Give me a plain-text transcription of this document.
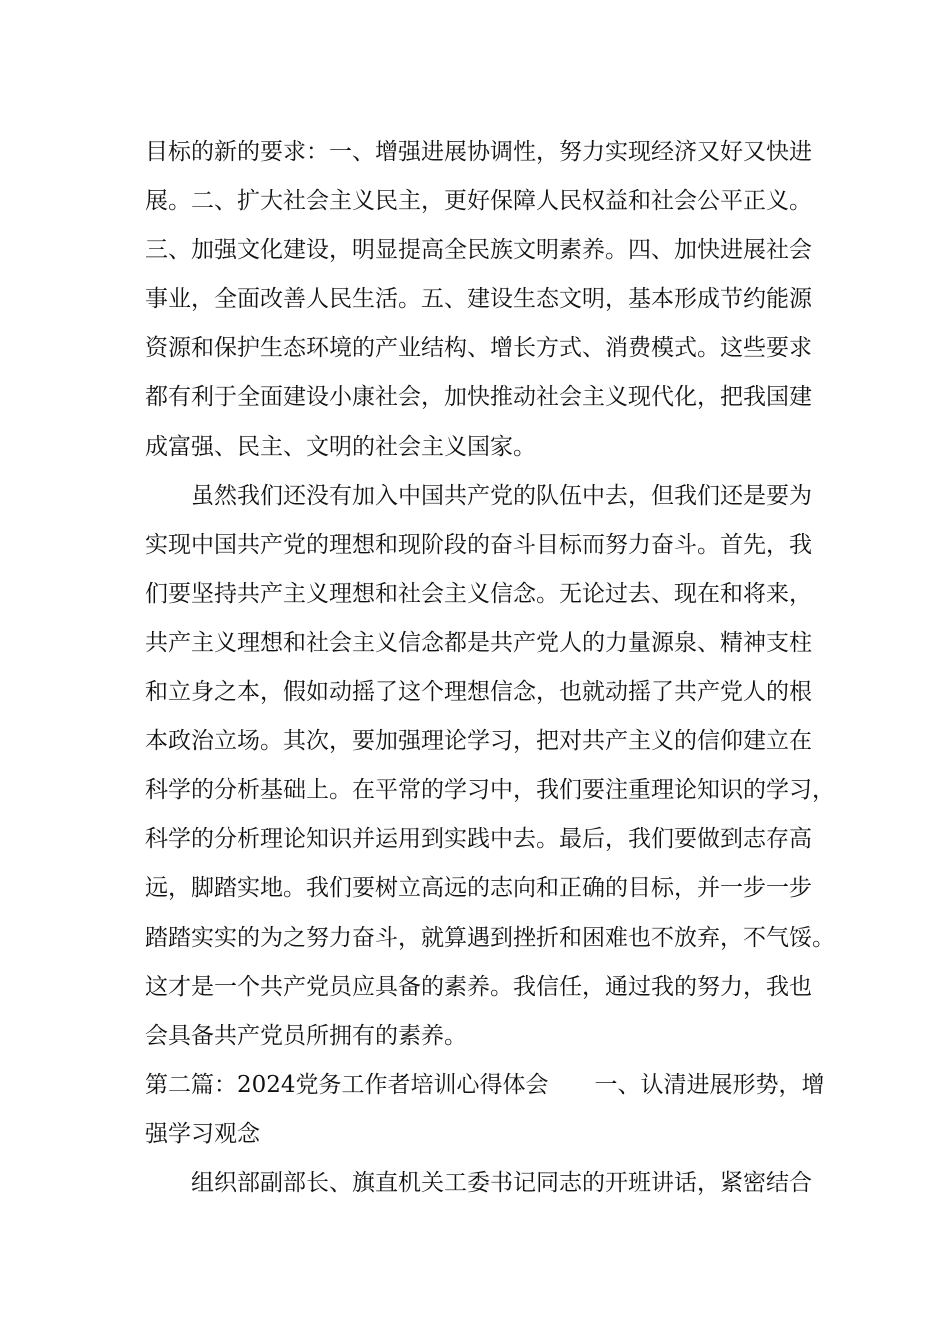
目标的新的要求：一、增强进展协调性，努力实现经济又好又快进
展。二、扩大社会主义民主，更好保障人民权益和社会公平正义。
三、加强文化建设，明显提高全民族文明素养。四、加快进展社会
事业，全面改善人民生活。五、建设生态文明，基本形成节约能源
资源和保护生态环境的产业结构、增长方式、消费模式。这些要求
都有利于全面建设小康社会，加快推动社会主义现代化，把我国建
成富强、民主、文明的社会主义国家。
虽然我们还没有加入中国共产党的队伍中去，但我们还是要为
实现中国共产党的理想和现阶段的奋斗目标而努力奋斗。首先，我
们要坚持共产主义理想和社会主义信念。无论过去、现在和将来，
共产主义理想和社会主义信念都是共产党人的力量源泉、精神支柱
和立身之本，假如动摇了这个理想信念，也就动摇了共产党人的根
本政治立场。其次，要加强理论学习，把对共产主义的信仰建立在
科学的分析基础上。在平常的学习中，我们要注重理论知识的学习，
科学的分析理论知识并运用到实践中去。最后，我们要做到志存高
远，脚踏实地。我们要树立高远的志向和正确的目标，并一步一步
踏踏实实的为之努力奋斗，就算遇到挫折和困难也不放弃，不气馁。
这才是一个共产党员应具备的素养。我信任，通过我的努力，我也
会具备共产党员所拥有的素养。
第二篇：2024党务工作者培训心得体会　　一、认清进展形势，增
强学习观念
组织部副部长、旗直机关工委书记同志的开班讲话，紧密结合
